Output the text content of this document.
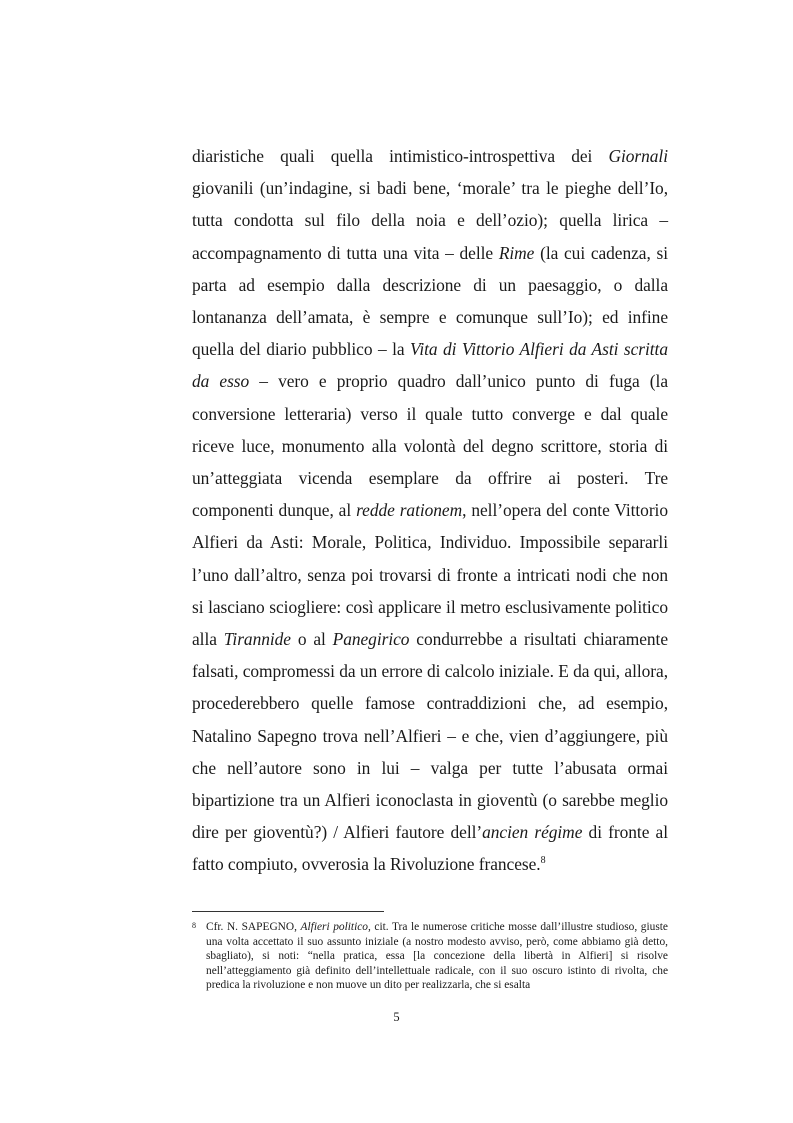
diaristiche quali quella intimistico-introspettiva dei Giornali giovanili (un’indagine, si badi bene, ‘morale’ tra le pieghe dell’Io, tutta condotta sul filo della noia e dell’ozio); quella lirica – accompagnamento di tutta una vita – delle Rime (la cui cadenza, si parta ad esempio dalla descrizione di un paesaggio, o dalla lontananza dell’amata, è sempre e comunque sull’Io); ed infine quella del diario pubblico – la Vita di Vittorio Alfieri da Asti scritta da esso – vero e proprio quadro dall’unico punto di fuga (la conversione letteraria) verso il quale tutto converge e dal quale riceve luce, monumento alla volontà del degno scrittore, storia di un’atteggiata vicenda esemplare da offrire ai posteri. Tre componenti dunque, al redde rationem, nell’opera del conte Vittorio Alfieri da Asti: Morale, Politica, Individuo. Impossibile separarli l’uno dall’altro, senza poi trovarsi di fronte a intricati nodi che non si lasciano sciogliere: così applicare il metro esclusivamente politico alla Tirannide o al Panegirico condurrebbe a risultati chiaramente falsati, compromessi da un errore di calcolo iniziale. E da qui, allora, procederebbero quelle famose contraddizioni che, ad esempio, Natalino Sapegno trova nell’Alfieri – e che, vien d’aggiungere, più che nell’autore sono in lui – valga per tutte l’abusata ormai bipartizione tra un Alfieri iconoclasta in gioventù (o sarebbe meglio dire per gioventù?) / Alfieri fautore dell’ancien régime di fronte al fatto compiuto, ovverosia la Rivoluzione francese.$^8$

8 Cfr. N. SAPEGNO, Alfieri politico, cit. Tra le numerose critiche mosse dall’illustre studioso, giuste una volta accettato il suo assunto iniziale (a nostro modesto avviso, però, come abbiamo già detto, sbagliato), si noti: “nella pratica, essa [la concezione della libertà in Alfieri] si risolve nell’atteggiamento già definito dell’intellettuale radicale, con il suo oscuro istinto di rivolta, che predica la rivoluzione e non muove un dito per realizzarla, che si esalta

5
